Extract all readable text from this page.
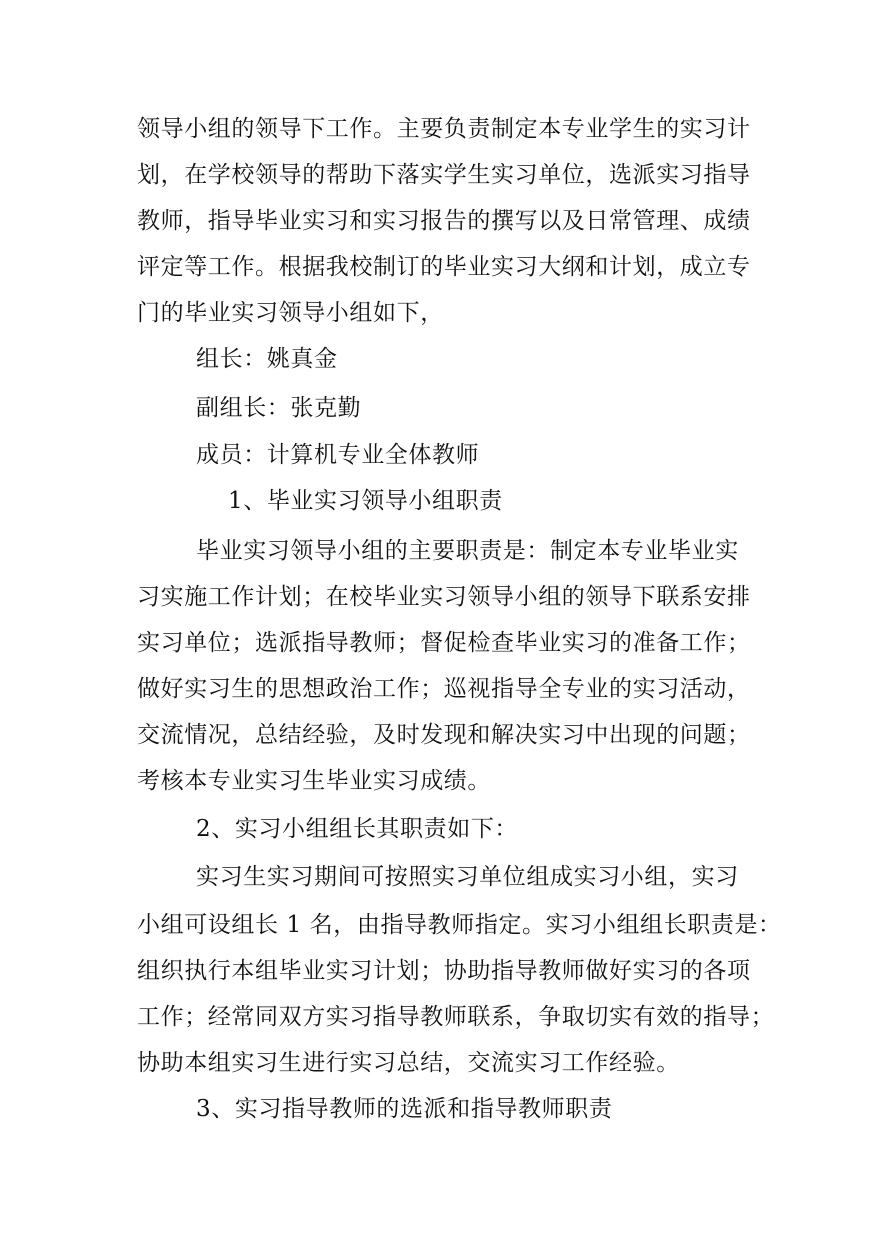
领导小组的领导下工作。主要负责制定本专业学生的实习计
划，在学校领导的帮助下落实学生实习单位，选派实习指导
教师，指导毕业实习和实习报告的撰写以及日常管理、成绩
评定等工作。根据我校制订的毕业实习大纲和计划，成立专
门的毕业实习领导小组如下，
组长：姚真金
副组长：张克勤
成员：计算机专业全体教师
1、毕业实习领导小组职责
毕业实习领导小组的主要职责是：制定本专业毕业实
习实施工作计划；在校毕业实习领导小组的领导下联系安排
实习单位；选派指导教师；督促检查毕业实习的准备工作；
做好实习生的思想政治工作；巡视指导全专业的实习活动，
交流情况，总结经验，及时发现和解决实习中出现的问题；
考核本专业实习生毕业实习成绩。
2、实习小组组长其职责如下：
实习生实习期间可按照实习单位组成实习小组，实习
小组可设组长 1 名，由指导教师指定。实习小组组长职责是：
组织执行本组毕业实习计划；协助指导教师做好实习的各项
工作；经常同双方实习指导教师联系，争取切实有效的指导；
协助本组实习生进行实习总结，交流实习工作经验。
3、实习指导教师的选派和指导教师职责
